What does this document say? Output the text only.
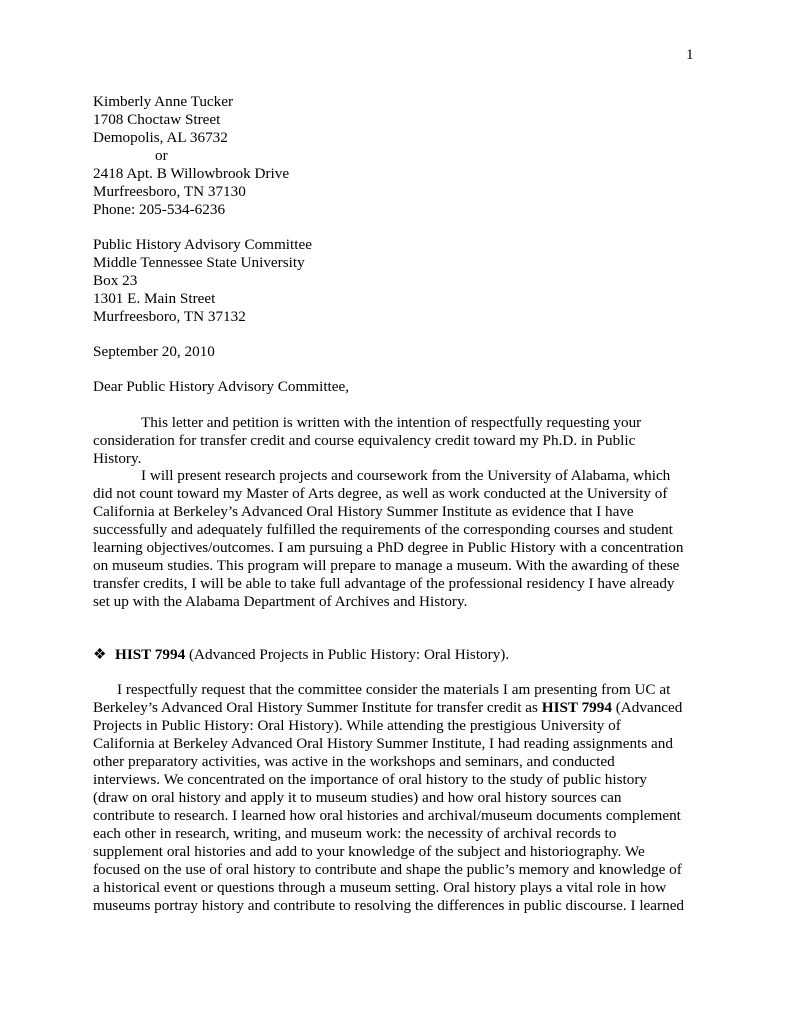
1
Kimberly Anne Tucker
1708 Choctaw Street
Demopolis, AL 36732
or
2418 Apt. B Willowbrook Drive
Murfreesboro, TN 37130
Phone: 205-534-6236
Public History Advisory Committee
Middle Tennessee State University
Box 23
1301 E. Main Street
Murfreesboro, TN 37132
September 20, 2010
Dear Public History Advisory Committee,
This letter and petition is written with the intention of respectfully requesting your
consideration for transfer credit and course equivalency credit toward my Ph.D. in Public
History.
I will present research projects and coursework from the University of Alabama, which
did not count toward my Master of Arts degree, as well as work conducted at the University of
California at Berkeley’s Advanced Oral History Summer Institute as evidence that I have
successfully and adequately fulfilled the requirements of the corresponding courses and student
learning objectives/outcomes. I am pursuing a PhD degree in Public History with a concentration
on museum studies. This program will prepare to manage a museum. With the awarding of these
transfer credits, I will be able to take full advantage of the professional residency I have already
set up with the Alabama Department of Archives and History.
❖ HIST 7994 (Advanced Projects in Public History: Oral History).
I respectfully request that the committee consider the materials I am presenting from UC at
Berkeley’s Advanced Oral History Summer Institute for transfer credit as HIST 7994 (Advanced
Projects in Public History: Oral History). While attending the prestigious University of
California at Berkeley Advanced Oral History Summer Institute, I had reading assignments and
other preparatory activities, was active in the workshops and seminars, and conducted
interviews. We concentrated on the importance of oral history to the study of public history
(draw on oral history and apply it to museum studies) and how oral history sources can
contribute to research. I learned how oral histories and archival/museum documents complement
each other in research, writing, and museum work: the necessity of archival records to
supplement oral histories and add to your knowledge of the subject and historiography. We
focused on the use of oral history to contribute and shape the public’s memory and knowledge of
a historical event or questions through a museum setting. Oral history plays a vital role in how
museums portray history and contribute to resolving the differences in public discourse. I learned
